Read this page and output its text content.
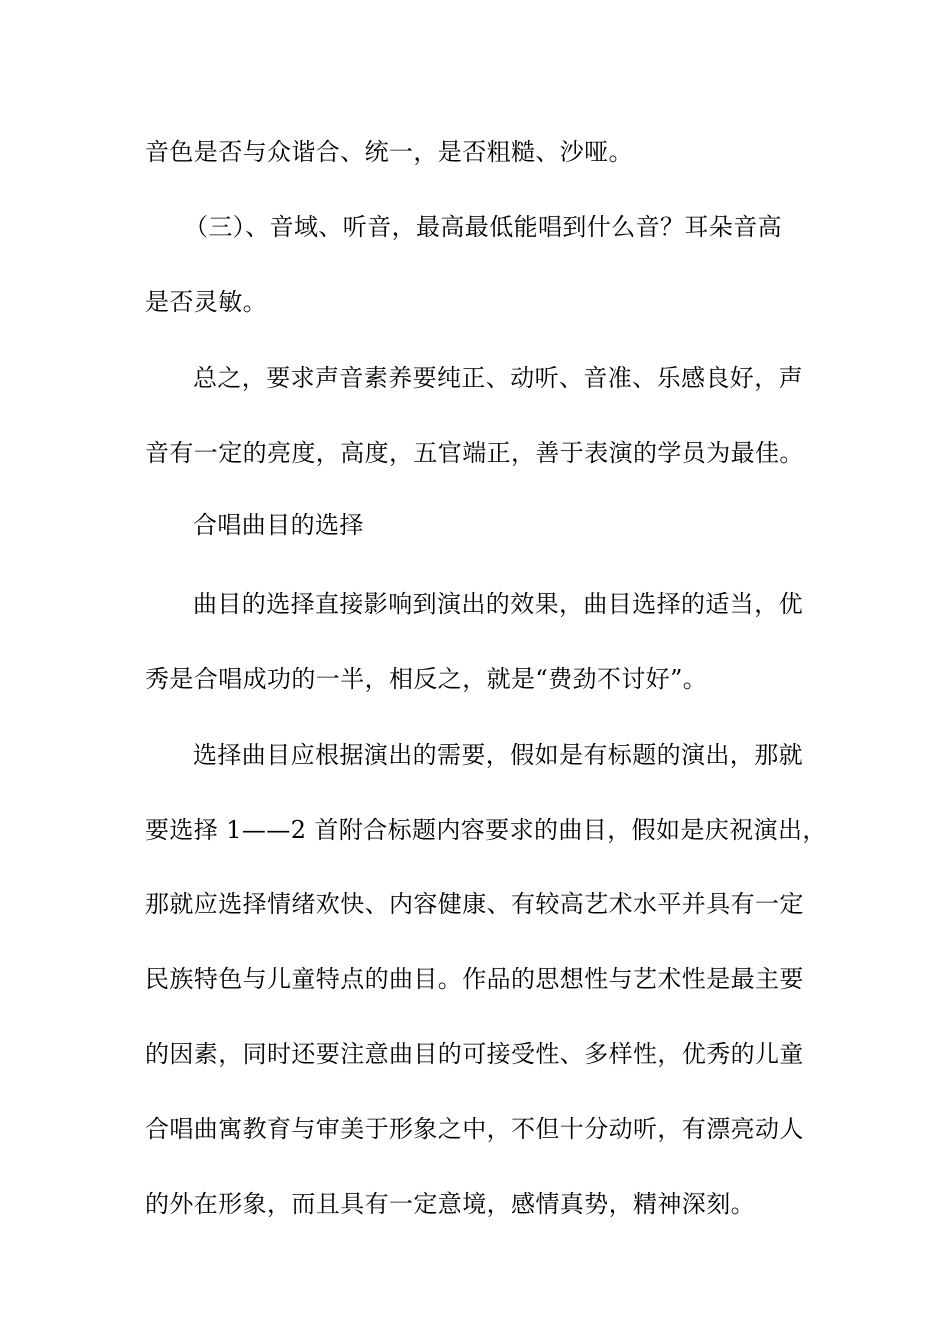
音色是否与众谐合、统一，是否粗糙、沙哑。
（三）、音域、听音，最高最低能唱到什么音？耳朵音高
是否灵敏。
总之，要求声音素养要纯正、动听、音准、乐感良好，声
音有一定的亮度，高度，五官端正，善于表演的学员为最佳。
合唱曲目的选择
曲目的选择直接影响到演出的效果，曲目选择的适当，优
秀是合唱成功的一半，相反之，就是“费劲不讨好”。
选择曲目应根据演出的需要，假如是有标题的演出，那就
要选择 1——2 首附合标题内容要求的曲目，假如是庆祝演出，
那就应选择情绪欢快、内容健康、有较高艺术水平并具有一定
民族特色与儿童特点的曲目。作品的思想性与艺术性是最主要
的因素，同时还要注意曲目的可接受性、多样性，优秀的儿童
合唱曲寓教育与审美于形象之中，不但十分动听，有漂亮动人
的外在形象，而且具有一定意境，感情真势，精神深刻。
